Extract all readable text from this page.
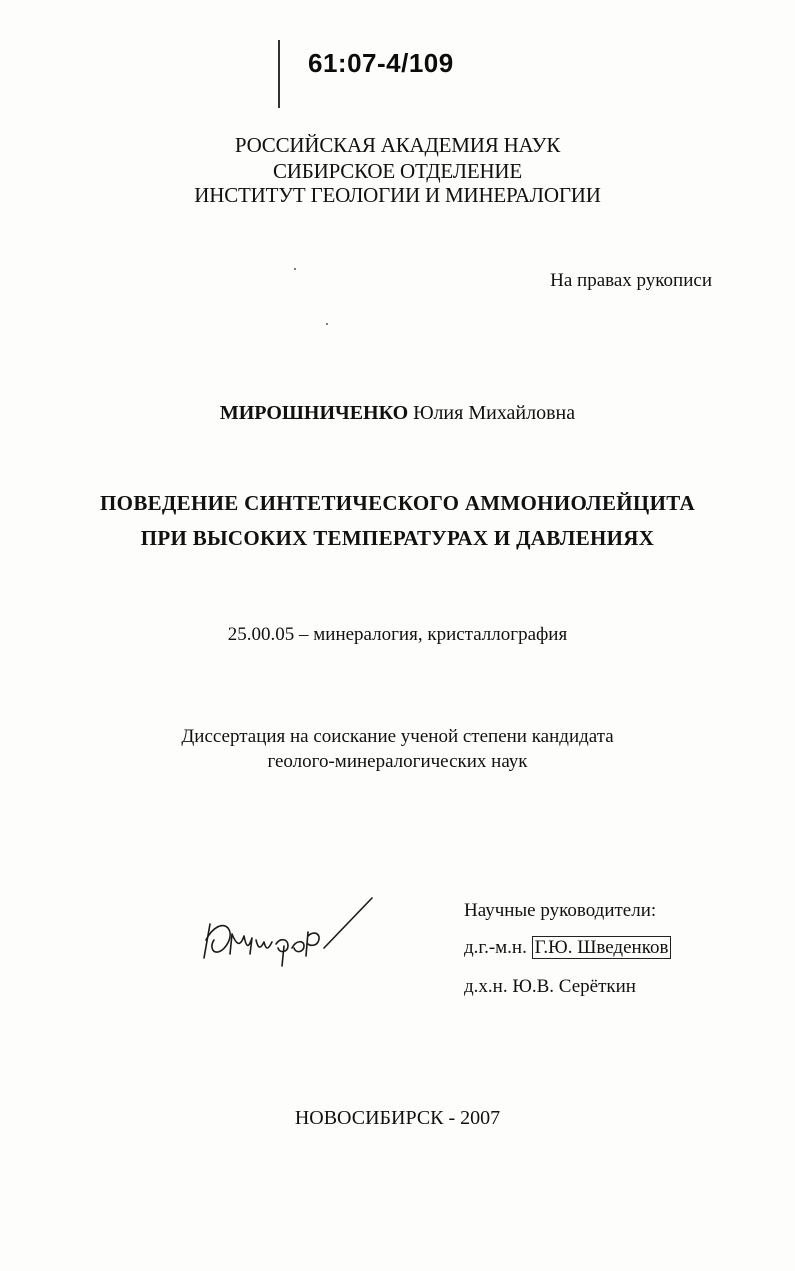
61:07-4/109
РОССИЙСКАЯ АКАДЕМИЯ НАУК
СИБИРСКОЕ ОТДЕЛЕНИЕ
ИНСТИТУТ ГЕОЛОГИИ И МИНЕРАЛОГИИ
На правах рукописи
МИРОШНИЧЕНКО Юлия Михайловна
ПОВЕДЕНИЕ СИНТЕТИЧЕСКОГО АММОНИОЛЕЙЦИТА
ПРИ ВЫСОКИХ ТЕМПЕРАТУРАХ И ДАВЛЕНИЯХ
25.00.05 – минералогия, кристаллография
Диссертация на соискание ученой степени кандидата
геолого-минералогических наук
Научные руководители:
д.г.-м.н. Г.Ю. Шведенков
д.х.н. Ю.В. Серёткин
НОВОСИБИРСК - 2007
